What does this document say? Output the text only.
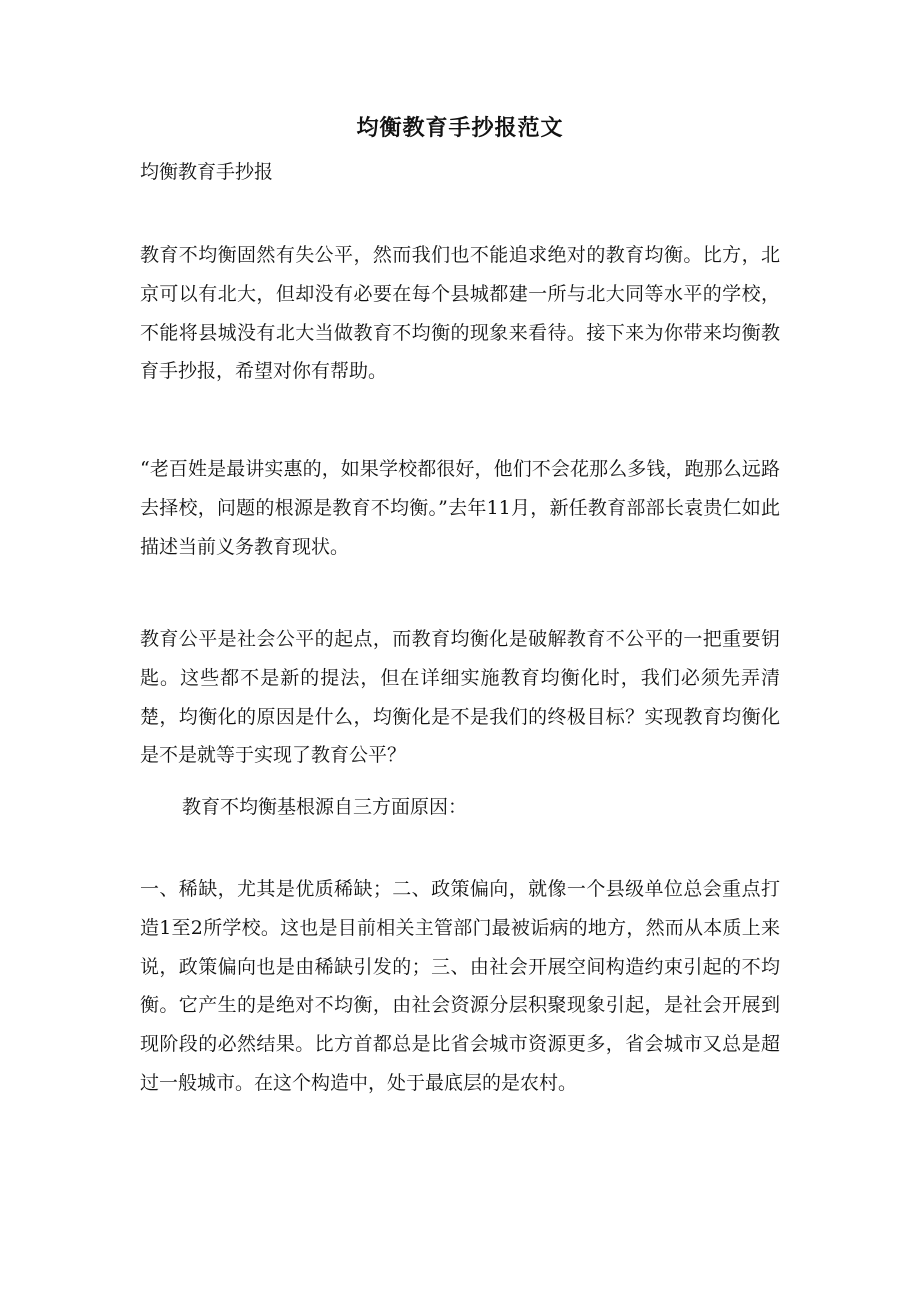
均衡教育手抄报范文
均衡教育手抄报
教育不均衡固然有失公平，然而我们也不能追求绝对的教育均衡。比方，北京可以有北大，但却没有必要在每个县城都建一所与北大同等水平的学校，不能将县城没有北大当做教育不均衡的现象来看待。接下来为你带来均衡教育手抄报，希望对你有帮助。
“老百姓是最讲实惠的，如果学校都很好，他们不会花那么多钱，跑那么远路去择校，问题的根源是教育不均衡。”去年11月，新任教育部部长袁贵仁如此描述当前义务教育现状。
教育公平是社会公平的起点，而教育均衡化是破解教育不公平的一把重要钥匙。这些都不是新的提法，但在详细实施教育均衡化时，我们必须先弄清楚，均衡化的原因是什么，均衡化是不是我们的终极目标？实现教育均衡化是不是就等于实现了教育公平？
教育不均衡基根源自三方面原因：
一、稀缺，尤其是优质稀缺；二、政策偏向，就像一个县级单位总会重点打造1至2所学校。这也是目前相关主管部门最被诟病的地方，然而从本质上来说，政策偏向也是由稀缺引发的；三、由社会开展空间构造约束引起的不均衡。它产生的是绝对不均衡，由社会资源分层积聚现象引起，是社会开展到现阶段的必然结果。比方首都总是比省会城市资源更多，省会城市又总是超过一般城市。在这个构造中，处于最底层的是农村。
